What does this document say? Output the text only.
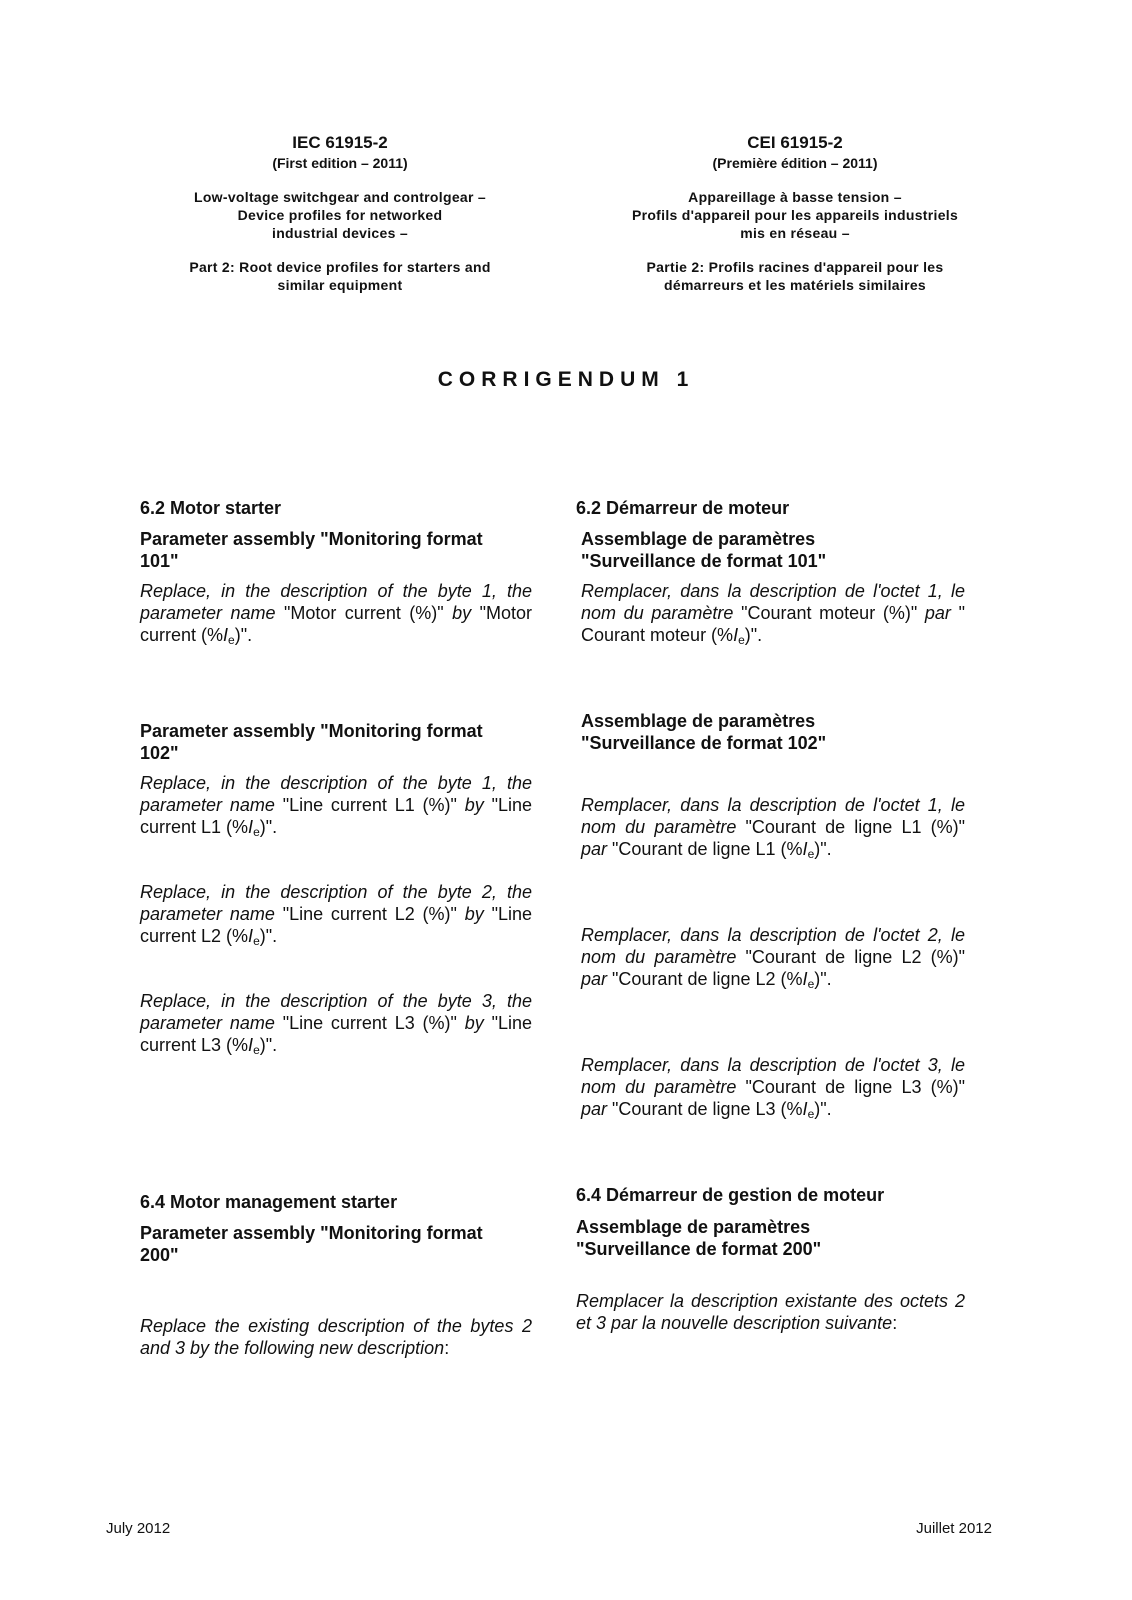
IEC 61915-2
(First edition – 2011)
Low-voltage switchgear and controlgear –
Device profiles for networked
industrial devices –
Part 2: Root device profiles for starters and
similar equipment
CEI 61915-2
(Première édition – 2011)
Appareillage à basse tension –
Profils d'appareil pour les appareils industriels
mis en réseau –
Partie 2: Profils racines d'appareil pour les
démarreurs et les matériels similaires
CORRIGENDUM 1
6.2 Motor starter
Parameter assembly "Monitoring format
101"
Replace, in the description of the byte 1, the parameter name "Motor current (%)" by "Motor current $(\%I_e)$".
Parameter assembly "Monitoring format
102"
Replace, in the description of the byte 1, the parameter name "Line current L1 (%)" by "Line current L1 $(\%I_e)$".
Replace, in the description of the byte 2, the parameter name "Line current L2 (%)" by "Line current L2 $(\%I_e)$".
Replace, in the description of the byte 3, the parameter name "Line current L3 (%)" by "Line current L3 $(\%I_e)$".
6.4 Motor management starter
Parameter assembly "Monitoring format
200"
Replace the existing description of the bytes 2 and 3 by the following new description:
6.2 Démarreur de moteur
Assemblage de paramètres
"Surveillance de format 101"
Remplacer, dans la description de l'octet 1, le nom du paramètre "Courant moteur (%)" par " Courant moteur $(\%I_e)$".
Assemblage de paramètres
"Surveillance de format 102"
Remplacer, dans la description de l'octet 1, le nom du paramètre "Courant de ligne L1 (%)" par "Courant de ligne L1 $(\%I_e)$".
Remplacer, dans la description de l'octet 2, le nom du paramètre "Courant de ligne L2 (%)" par "Courant de ligne L2 $(\%I_e)$".
Remplacer, dans la description de l'octet 3, le nom du paramètre "Courant de ligne L3 (%)" par "Courant de ligne L3 $(\%I_e)$".
6.4 Démarreur de gestion de moteur
Assemblage de paramètres
"Surveillance de format 200"
Remplacer la description existante des octets 2 et 3 par la nouvelle description suivante:
July 2012	Juillet 2012
